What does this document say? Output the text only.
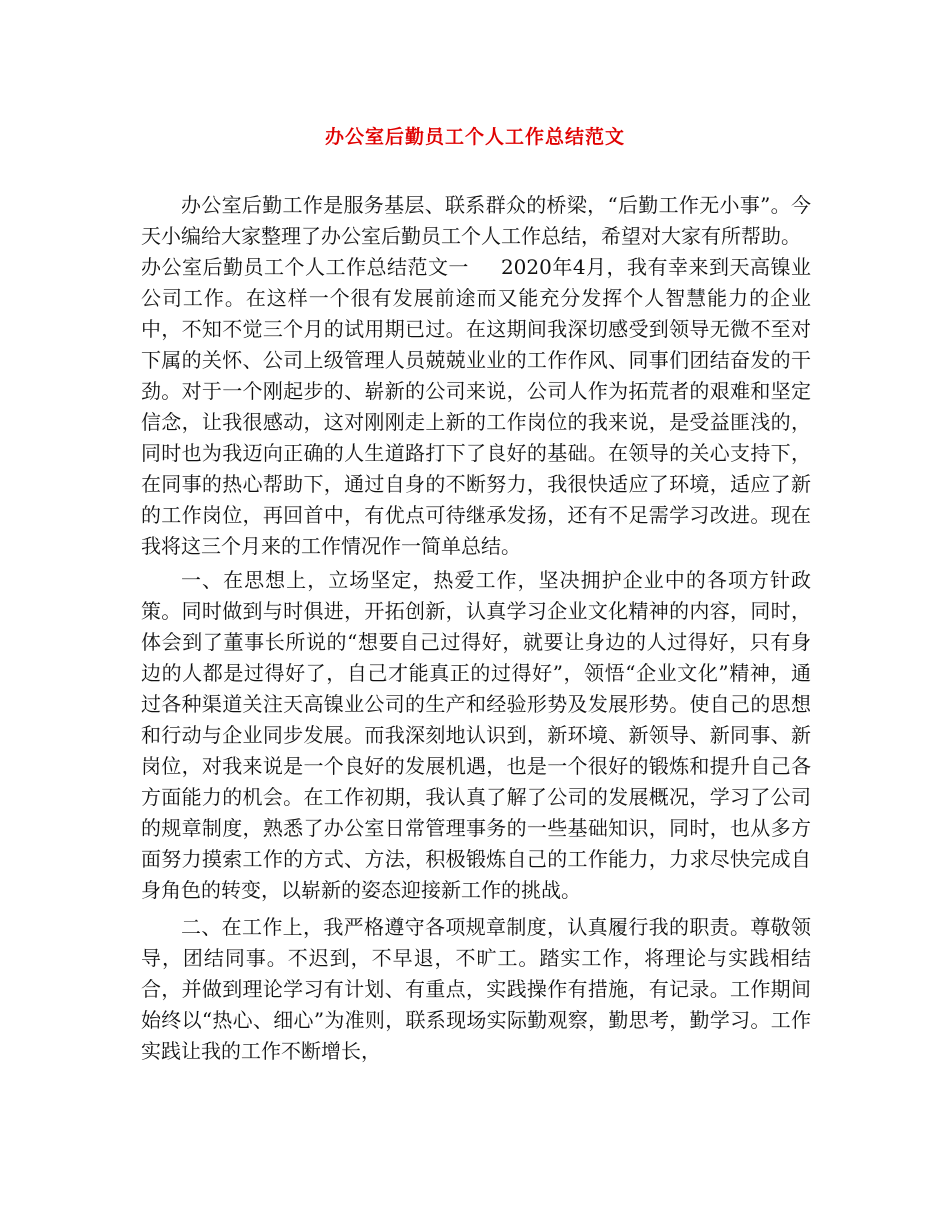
办公室后勤员工个人工作总结范文

办公室后勤工作是服务基层、联系群众的桥梁，“后勤工作无小事”。今天小编给大家整理了办公室后勤员工个人工作总结，希望对大家有所帮助。

办公室后勤员工个人工作总结范文一 2020年4月，我有幸来到天高镍业公司工作。在这样一个很有发展前途而又能充分发挥个人智慧能力的企业中，不知不觉三个月的试用期已过。在这期间我深切感受到领导无微不至对下属的关怀、公司上级管理人员兢兢业业的工作作风、同事们团结奋发的干劲。对于一个刚起步的、崭新的公司来说，公司人作为拓荒者的艰难和坚定信念，让我很感动，这对刚刚走上新的工作岗位的我来说，是受益匪浅的，同时也为我迈向正确的人生道路打下了良好的基础。在领导的关心支持下，在同事的热心帮助下，通过自身的不断努力，我很快适应了环境，适应了新的工作岗位，再回首中，有优点可待继承发扬，还有不足需学习改进。现在我将这三个月来的工作情况作一简单总结。

一、在思想上，立场坚定，热爱工作，坚决拥护企业中的各项方针政策。同时做到与时俱进，开拓创新，认真学习企业文化精神的内容，同时，体会到了董事长所说的“想要自己过得好，就要让身边的人过得好，只有身边的人都是过得好了，自己才能真正的过得好”，领悟“企业文化”精神，通过各种渠道关注天高镍业公司的生产和经验形势及发展形势。使自己的思想和行动与企业同步发展。而我深刻地认识到，新环境、新领导、新同事、新岗位，对我来说是一个良好的发展机遇，也是一个很好的锻炼和提升自己各方面能力的机会。在工作初期，我认真了解了公司的发展概况，学习了公司的规章制度，熟悉了办公室日常管理事务的一些基础知识，同时，也从多方面努力摸索工作的方式、方法，积极锻炼自己的工作能力，力求尽快完成自身角色的转变，以崭新的姿态迎接新工作的挑战。

二、在工作上，我严格遵守各项规章制度，认真履行我的职责。尊敬领导，团结同事。不迟到，不早退，不旷工。踏实工作，将理论与实践相结合，并做到理论学习有计划、有重点，实践操作有措施，有记录。工作期间始终以“热心、细心”为准则，联系现场实际勤观察，勤思考，勤学习。工作实践让我的工作不断增长，
